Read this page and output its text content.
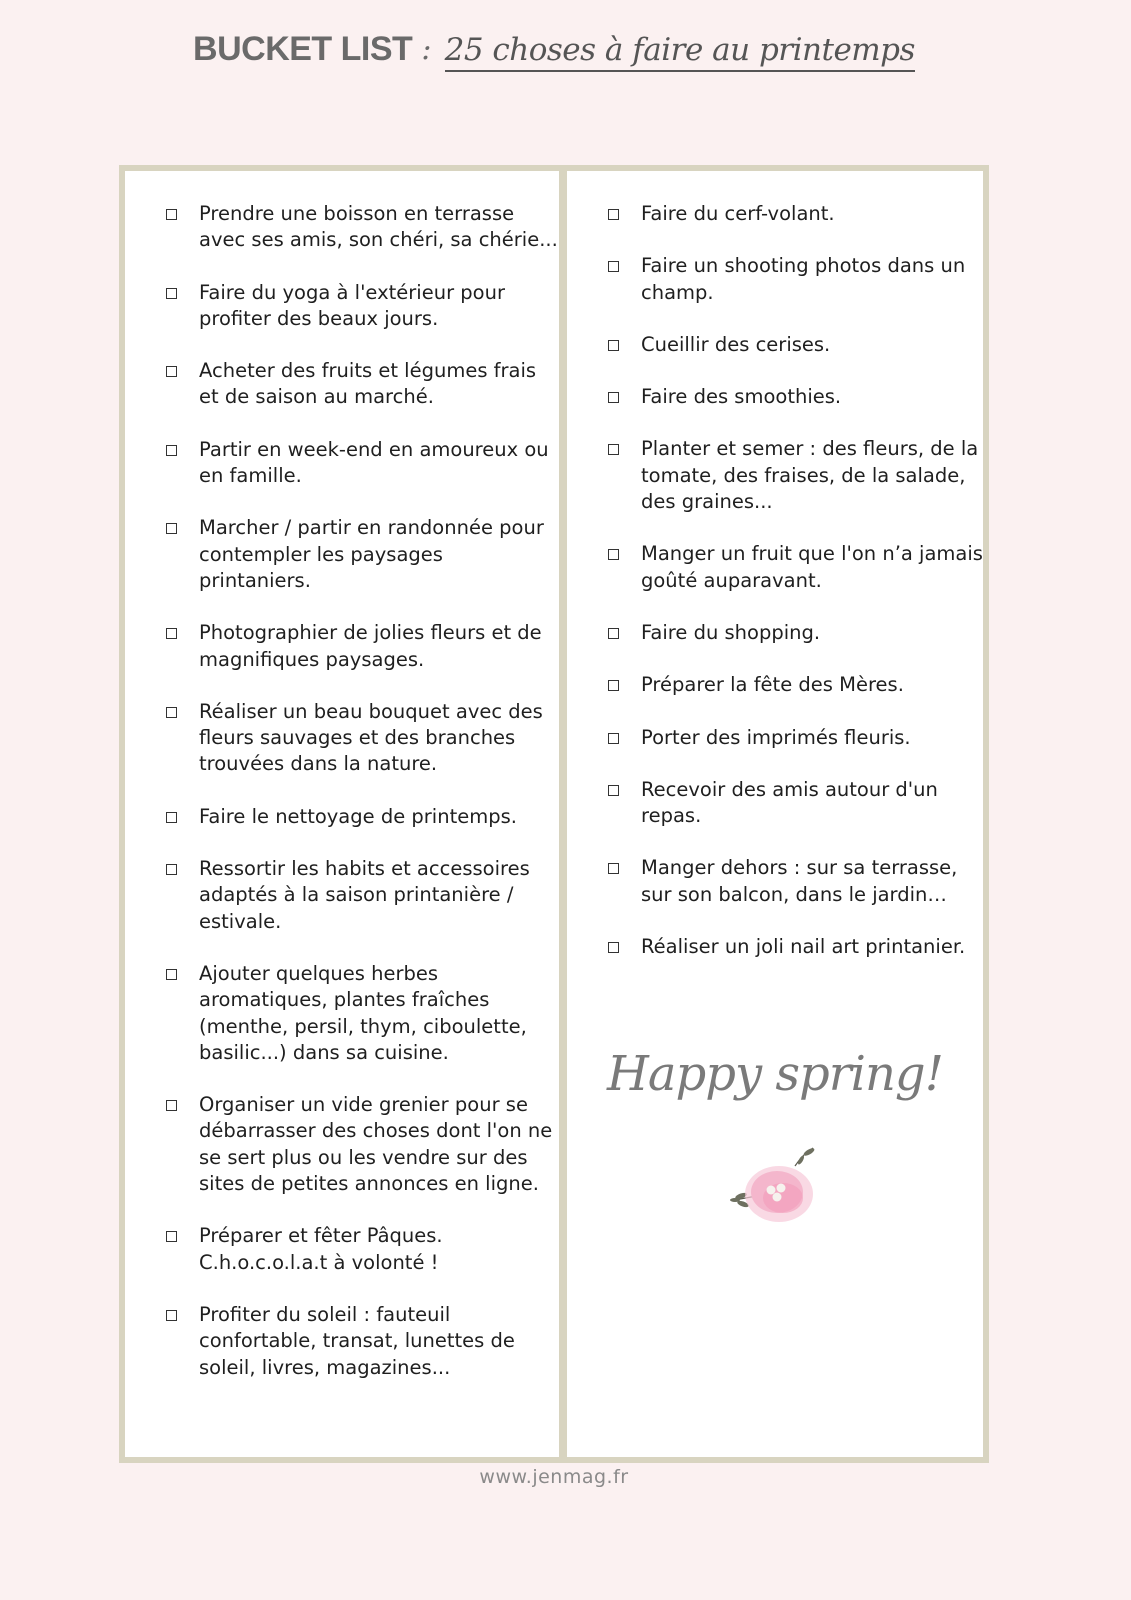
BUCKET LIST : 25 choses à faire au printemps
Prendre une boisson en terrasse avec ses amis, son chéri, sa chérie...
Faire du yoga à l'extérieur pour profiter des beaux jours.
Acheter des fruits et légumes frais et de saison au marché.
Partir en week-end en amoureux ou en famille.
Marcher / partir en randonnée pour contempler les paysages printaniers.
Photographier de jolies fleurs et de magnifiques paysages.
Réaliser un beau bouquet avec des fleurs sauvages et des branches trouvées dans la nature.
Faire le nettoyage de printemps.
Ressortir les habits et accessoires adaptés à la saison printanière / estivale.
Ajouter quelques herbes aromatiques, plantes fraîches (menthe, persil, thym, ciboulette, basilic...) dans sa cuisine.
Organiser un vide grenier pour se débarrasser des choses dont l'on ne se sert plus ou les vendre sur des sites de petites annonces en ligne.
Préparer et fêter Pâques. C.h.o.c.o.l.a.t à volonté !
Profiter du soleil : fauteuil confortable, transat, lunettes de soleil, livres, magazines...
Faire du cerf-volant.
Faire un shooting photos dans un champ.
Cueillir des cerises.
Faire des smoothies.
Planter et semer : des fleurs, de la tomate, des fraises, de la salade, des graines...
Manger un fruit que l'on n’a jamais goûté auparavant.
Faire du shopping.
Préparer la fête des Mères.
Porter des imprimés fleuris.
Recevoir des amis autour d'un repas.
Manger dehors : sur sa terrasse, sur son balcon, dans le jardin…
Réaliser un joli nail art printanier.
Happy spring!
www.jenmag.fr
